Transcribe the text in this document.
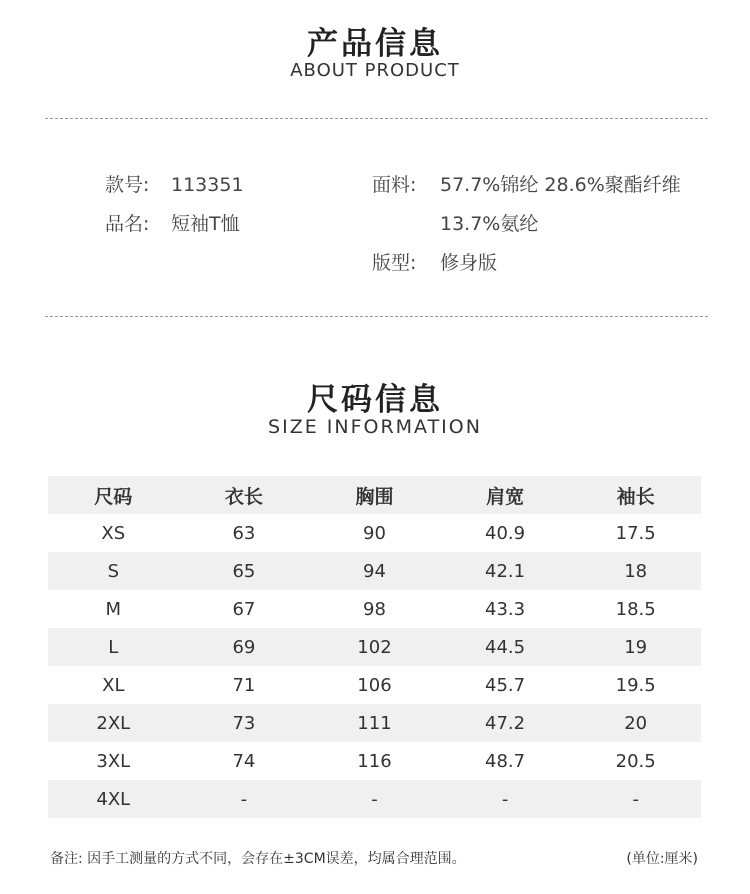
产品信息
ABOUT PRODUCT
款号: 113351
品名: 短袖T恤
面料: 57.7%锦纶 28.6%聚酯纤维
13.7%氨纶
版型: 修身版
尺码信息
SIZE INFORMATION
尺码	衣长	胸围	肩宽	袖长
XS	63	90	40.9	17.5
S	65	94	42.1	18
M	67	98	43.3	18.5
L	69	102	44.5	19
XL	71	106	45.7	19.5
2XL	73	111	47.2	20
3XL	74	116	48.7	20.5
4XL	-	-	-	-
备注: 因手工测量的方式不同，会存在±3CM误差，均属合理范围。	(单位:厘米)
